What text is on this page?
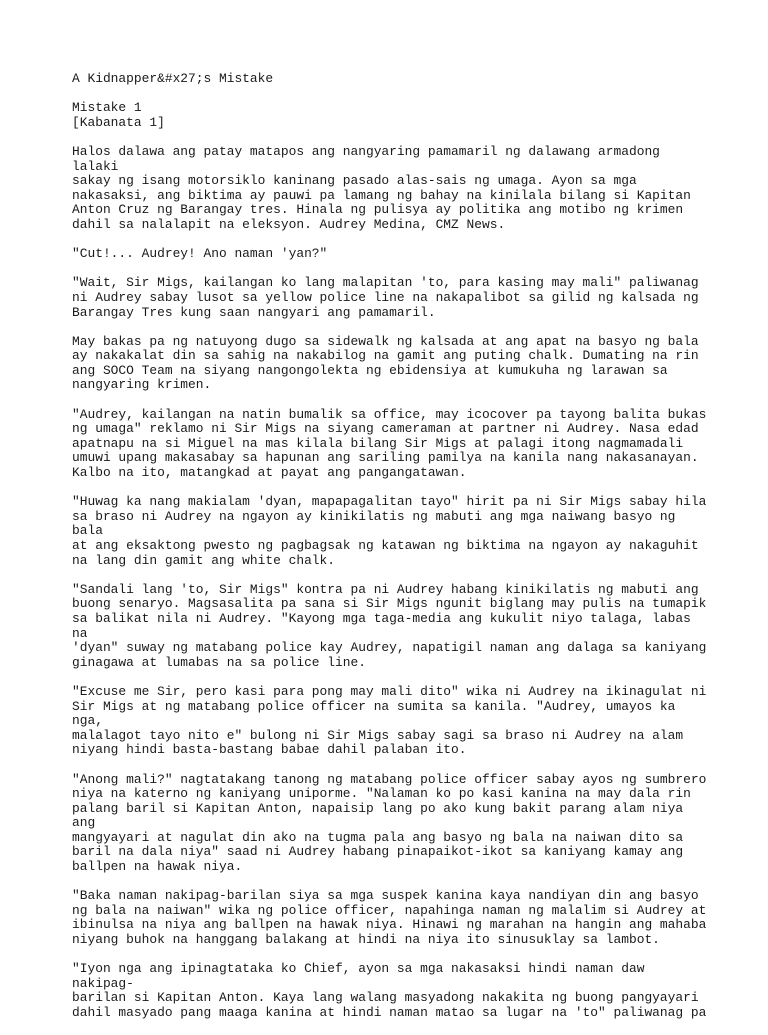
A Kidnapper&#x27;s Mistake
Mistake 1
[Kabanata 1]
Halos dalawa ang patay matapos ang nangyaring pamamaril ng dalawang armadong lalaki
sakay ng isang motorsiklo kaninang pasado alas-sais ng umaga. Ayon sa mga
nakasaksi, ang biktima ay pauwi pa lamang ng bahay na kinilala bilang si Kapitan
Anton Cruz ng Barangay tres. Hinala ng pulisya ay politika ang motibo ng krimen
dahil sa nalalapit na eleksyon. Audrey Medina, CMZ News.
"Cut!... Audrey! Ano naman 'yan?"
"Wait, Sir Migs, kailangan ko lang malapitan 'to, para kasing may mali" paliwanag
ni Audrey sabay lusot sa yellow police line na nakapalibot sa gilid ng kalsada ng
Barangay Tres kung saan nangyari ang pamamaril.
May bakas pa ng natuyong dugo sa sidewalk ng kalsada at ang apat na basyo ng bala
ay nakakalat din sa sahig na nakabilog na gamit ang puting chalk. Dumating na rin
ang SOCO Team na siyang nangongolekta ng ebidensiya at kumukuha ng larawan sa
nangyaring krimen.
"Audrey, kailangan na natin bumalik sa office, may icocover pa tayong balita bukas
ng umaga" reklamo ni Sir Migs na siyang cameraman at partner ni Audrey. Nasa edad
apatnapu na si Miguel na mas kilala bilang Sir Migs at palagi itong nagmamadali
umuwi upang makasabay sa hapunan ang sariling pamilya na kanila nang nakasanayan.
Kalbo na ito, matangkad at payat ang pangangatawan.
"Huwag ka nang makialam 'dyan, mapapagalitan tayo" hirit pa ni Sir Migs sabay hila
sa braso ni Audrey na ngayon ay kinikilatis ng mabuti ang mga naiwang basyo ng bala
at ang eksaktong pwesto ng pagbagsak ng katawan ng biktima na ngayon ay nakaguhit
na lang din gamit ang white chalk.
"Sandali lang 'to, Sir Migs" kontra pa ni Audrey habang kinikilatis ng mabuti ang
buong senaryo. Magsasalita pa sana si Sir Migs ngunit biglang may pulis na tumapik
sa balikat nila ni Audrey. "Kayong mga taga-media ang kukulit niyo talaga, labas na
'dyan" suway ng matabang police kay Audrey, napatigil naman ang dalaga sa kaniyang
ginagawa at lumabas na sa police line.
"Excuse me Sir, pero kasi para pong may mali dito" wika ni Audrey na ikinagulat ni
Sir Migs at ng matabang police officer na sumita sa kanila. "Audrey, umayos ka nga,
malalagot tayo nito e" bulong ni Sir Migs sabay sagi sa braso ni Audrey na alam
niyang hindi basta-bastang babae dahil palaban ito.
"Anong mali?" nagtatakang tanong ng matabang police officer sabay ayos ng sumbrero
niya na katerno ng kaniyang uniporme. "Nalaman ko po kasi kanina na may dala rin
palang baril si Kapitan Anton, napaisip lang po ako kung bakit parang alam niya ang
mangyayari at nagulat din ako na tugma pala ang basyo ng bala na naiwan dito sa
baril na dala niya" saad ni Audrey habang pinapaikot-ikot sa kaniyang kamay ang
ballpen na hawak niya.
"Baka naman nakipag-barilan siya sa mga suspek kanina kaya nandiyan din ang basyo
ng bala na naiwan" wika ng police officer, napahinga naman ng malalim si Audrey at
ibinulsa na niya ang ballpen na hawak niya. Hinawi ng marahan na hangin ang mahaba
niyang buhok na hanggang balakang at hindi na niya ito sinusuklay sa lambot.
"Iyon nga ang ipinagtataka ko Chief, ayon sa mga nakasaksi hindi naman daw nakipag-
barilan si Kapitan Anton. Kaya lang walang masyadong nakakita ng buong pangyayari
dahil masyado pang maaga kanina at hindi naman matao sa lugar na 'to" paliwanag pa
